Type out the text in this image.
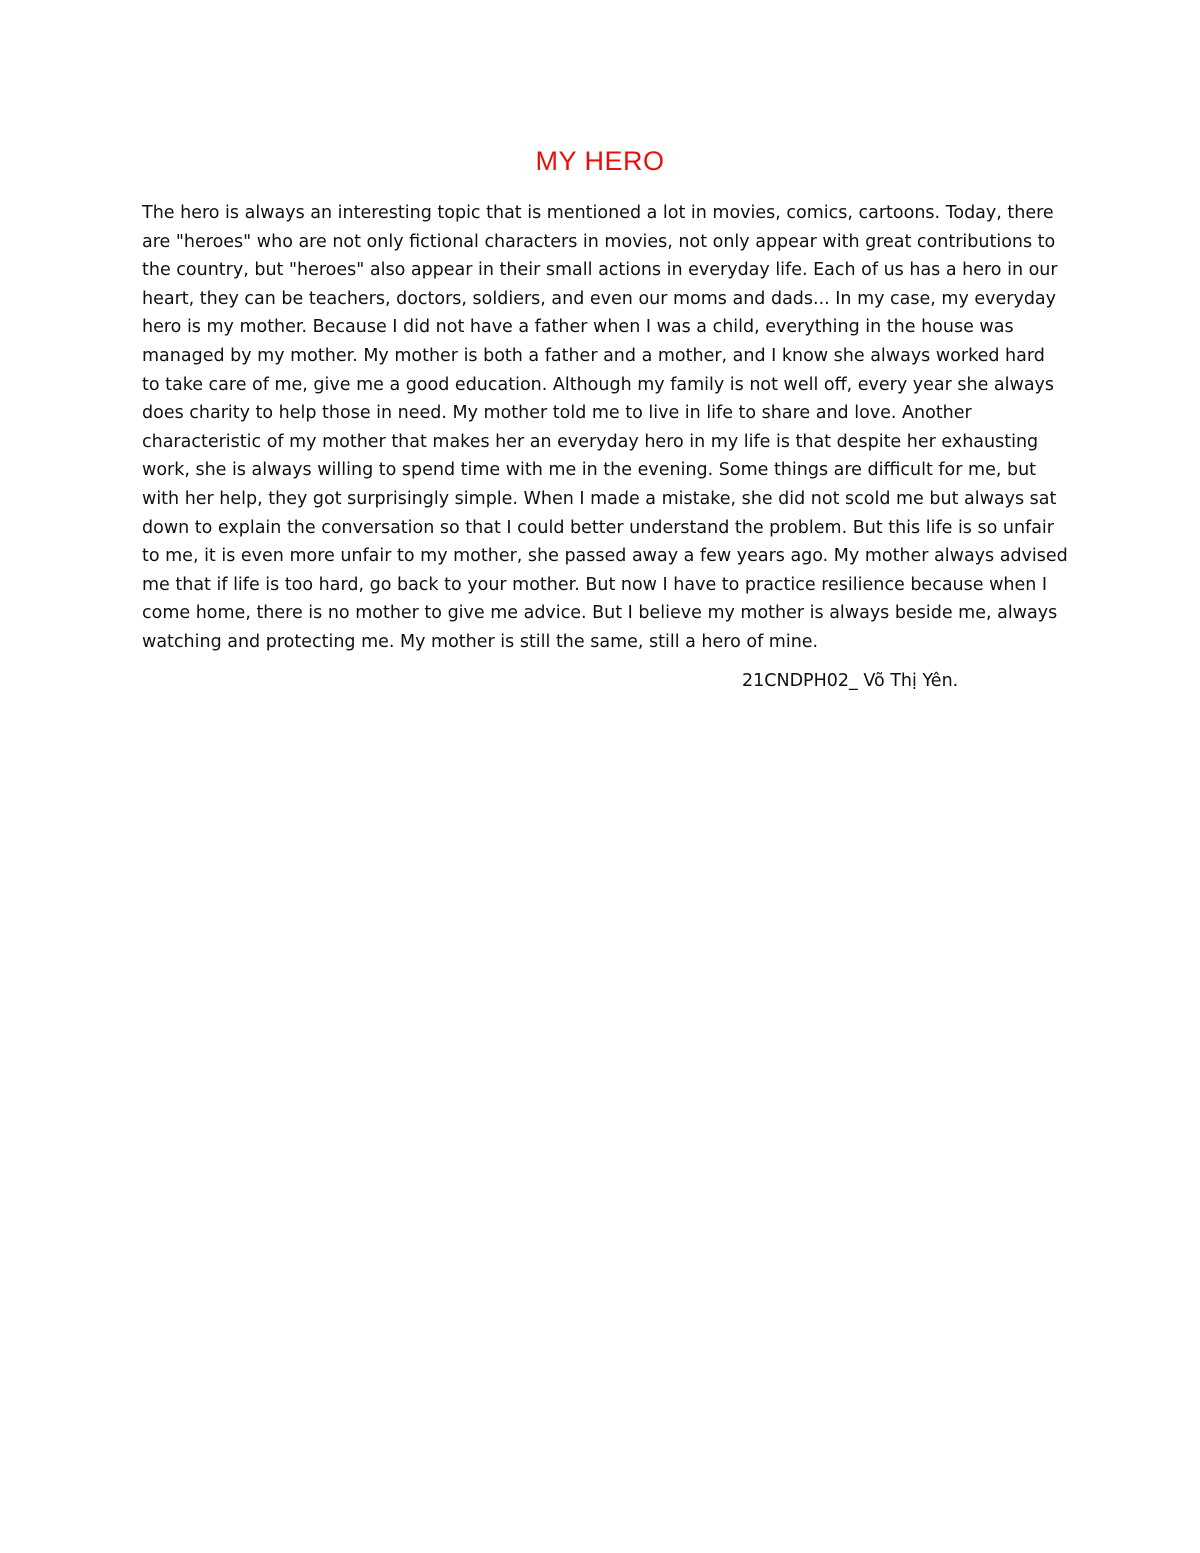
MY HERO
The hero is always an interesting topic that is mentioned a lot in movies, comics, cartoons. Today, there
are "heroes" who are not only fictional characters in movies, not only appear with great contributions to
the country, but "heroes" also appear in their small actions in everyday life. Each of us has a hero in our
heart, they can be teachers, doctors, soldiers, and even our moms and dads... In my case, my everyday
hero is my mother. Because I did not have a father when I was a child, everything in the house was
managed by my mother. My mother is both a father and a mother, and I know she always worked hard
to take care of me, give me a good education. Although my family is not well off, every year she always
does charity to help those in need. My mother told me to live in life to share and love. Another
characteristic of my mother that makes her an everyday hero in my life is that despite her exhausting
work, she is always willing to spend time with me in the evening. Some things are difficult for me, but
with her help, they got surprisingly simple. When I made a mistake, she did not scold me but always sat
down to explain the conversation so that I could better understand the problem. But this life is so unfair
to me, it is even more unfair to my mother, she passed away a few years ago. My mother always advised
me that if life is too hard, go back to your mother. But now I have to practice resilience because when I
come home, there is no mother to give me advice. But I believe my mother is always beside me, always
watching and protecting me. My mother is still the same, still a hero of mine.
21CNDPH02_ Võ Thị Yên.
